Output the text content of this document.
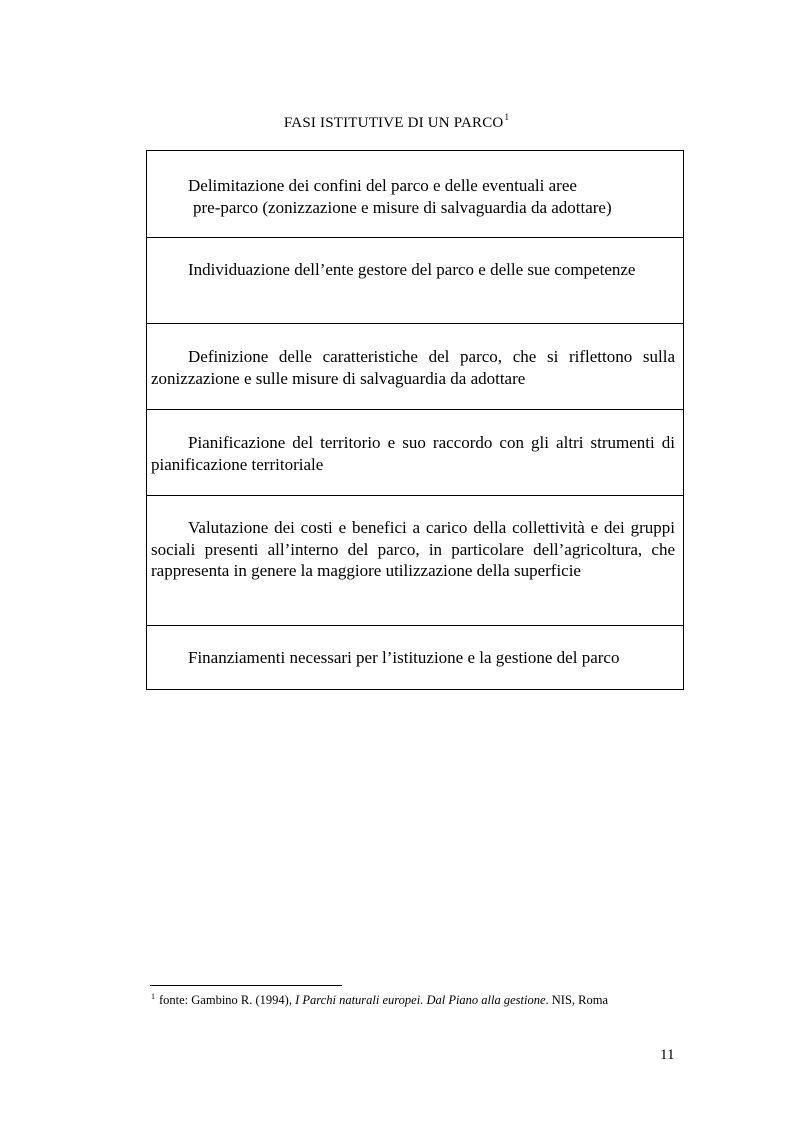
FASI ISTITUTIVE DI UN PARCO$^1$

Delimitazione dei confini del parco e delle eventuali aree

pre-parco (zonizzazione e misure di salvaguardia da adottare)

Individuazione dell’ente gestore del parco e delle sue competenze

Definizione delle caratteristiche del parco, che si riflettono sulla zonizzazione e sulle misure di salvaguardia da adottare

Pianificazione del territorio e suo raccordo con gli altri strumenti di pianificazione territoriale

Valutazione dei costi e benefici a carico della collettività e dei gruppi sociali presenti all’interno del parco, in particolare dell’agricoltura, che rappresenta in genere la maggiore utilizzazione della superficie

Finanziamenti necessari per l’istituzione e la gestione del parco

$^1$ fonte: Gambino R. (1994), I Parchi naturali europei. Dal Piano alla gestione. NIS, Roma
11
